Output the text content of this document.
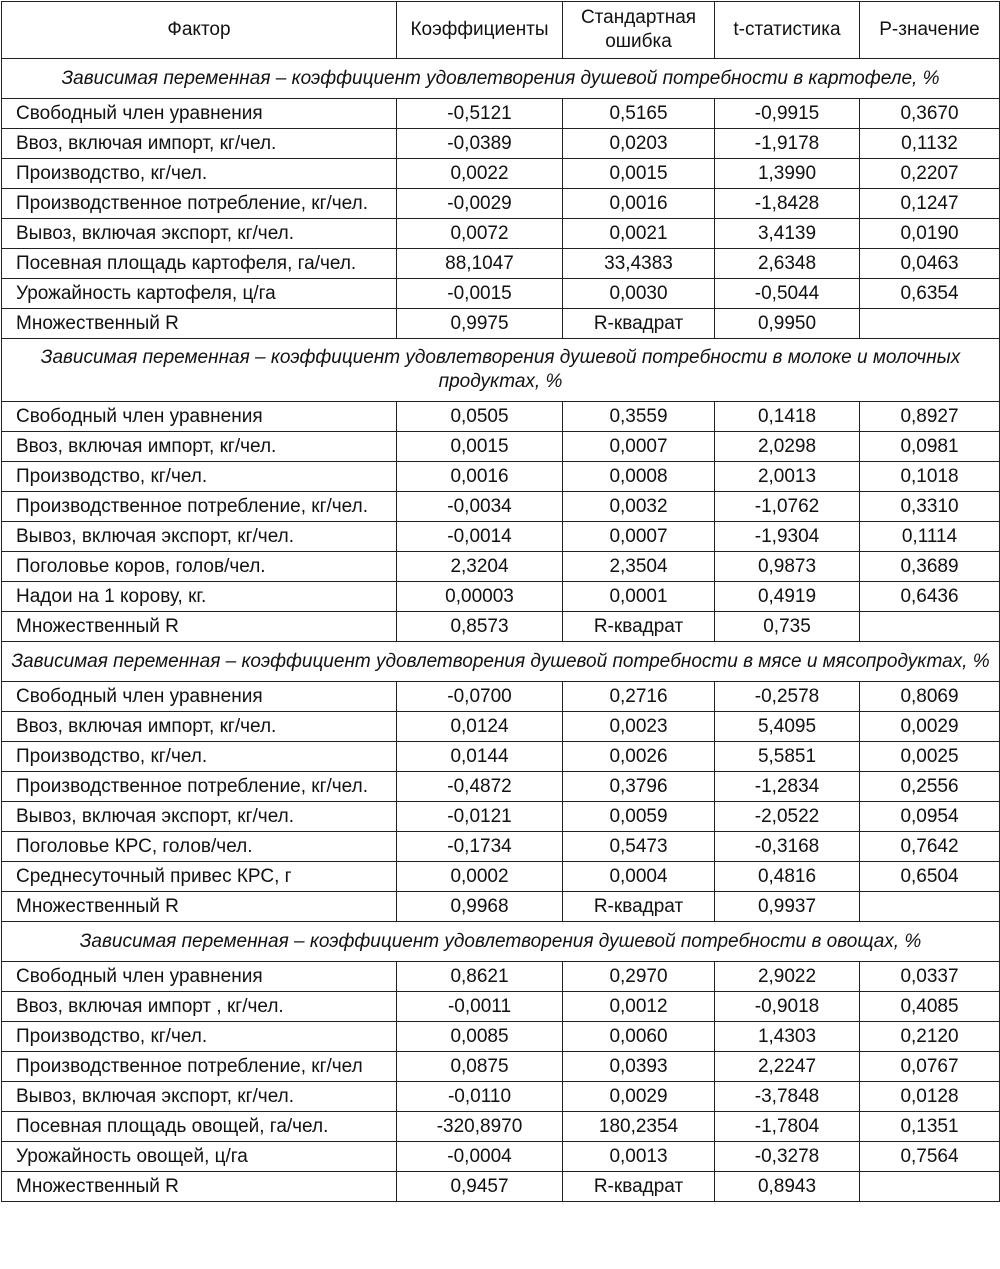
Фактор	Коэффициенты	Стандартная ошибка	t-статистика	P-значение
Зависимая переменная – коэффициент удовлетворения душевой потребности в картофеле, %				
Свободный член уравнения	-0,5121	0,5165	-0,9915	0,3670
Ввоз, включая импорт, кг/чел.	-0,0389	0,0203	-1,9178	0,1132
Производство, кг/чел.	0,0022	0,0015	1,3990	0,2207
Производственное потребление, кг/чел.	-0,0029	0,0016	-1,8428	0,1247
Вывоз, включая экспорт, кг/чел.	0,0072	0,0021	3,4139	0,0190
Посевная площадь картофеля, га/чел.	88,1047	33,4383	2,6348	0,0463
Урожайность картофеля, ц/га	-0,0015	0,0030	-0,5044	0,6354
Множественный R	0,9975	R-квадрат	0,9950	
Зависимая переменная – коэффициент удовлетворения душевой потребности в молоке и молочных продуктах, %				
Свободный член уравнения	0,0505	0,3559	0,1418	0,8927
Ввоз, включая импорт, кг/чел.	0,0015	0,0007	2,0298	0,0981
Производство, кг/чел.	0,0016	0,0008	2,0013	0,1018
Производственное потребление, кг/чел.	-0,0034	0,0032	-1,0762	0,3310
Вывоз, включая экспорт, кг/чел.	-0,0014	0,0007	-1,9304	0,1114
Поголовье коров, голов/чел.	2,3204	2,3504	0,9873	0,3689
Надои на 1 корову, кг.	0,00003	0,0001	0,4919	0,6436
Множественный R	0,8573	R-квадрат	0,735	
Зависимая переменная – коэффициент удовлетворения душевой потребности в мясе и мясопродуктах, %				
Свободный член уравнения	-0,0700	0,2716	-0,2578	0,8069
Ввоз, включая импорт, кг/чел.	0,0124	0,0023	5,4095	0,0029
Производство, кг/чел.	0,0144	0,0026	5,5851	0,0025
Производственное потребление, кг/чел.	-0,4872	0,3796	-1,2834	0,2556
Вывоз, включая экспорт, кг/чел.	-0,0121	0,0059	-2,0522	0,0954
Поголовье КРС, голов/чел.	-0,1734	0,5473	-0,3168	0,7642
Среднесуточный привес КРС, г	0,0002	0,0004	0,4816	0,6504
Множественный R	0,9968	R-квадрат	0,9937	
Зависимая переменная – коэффициент удовлетворения душевой потребности в овощах, %				
Свободный член уравнения	0,8621	0,2970	2,9022	0,0337
Ввоз, включая импорт , кг/чел.	-0,0011	0,0012	-0,9018	0,4085
Производство, кг/чел.	0,0085	0,0060	1,4303	0,2120
Производственное потребление, кг/чел	0,0875	0,0393	2,2247	0,0767
Вывоз, включая экспорт, кг/чел.	-0,0110	0,0029	-3,7848	0,0128
Посевная площадь овощей, га/чел.	-320,8970	180,2354	-1,7804	0,1351
Урожайность овощей, ц/га	-0,0004	0,0013	-0,3278	0,7564
Множественный R	0,9457	R-квадрат	0,8943	
